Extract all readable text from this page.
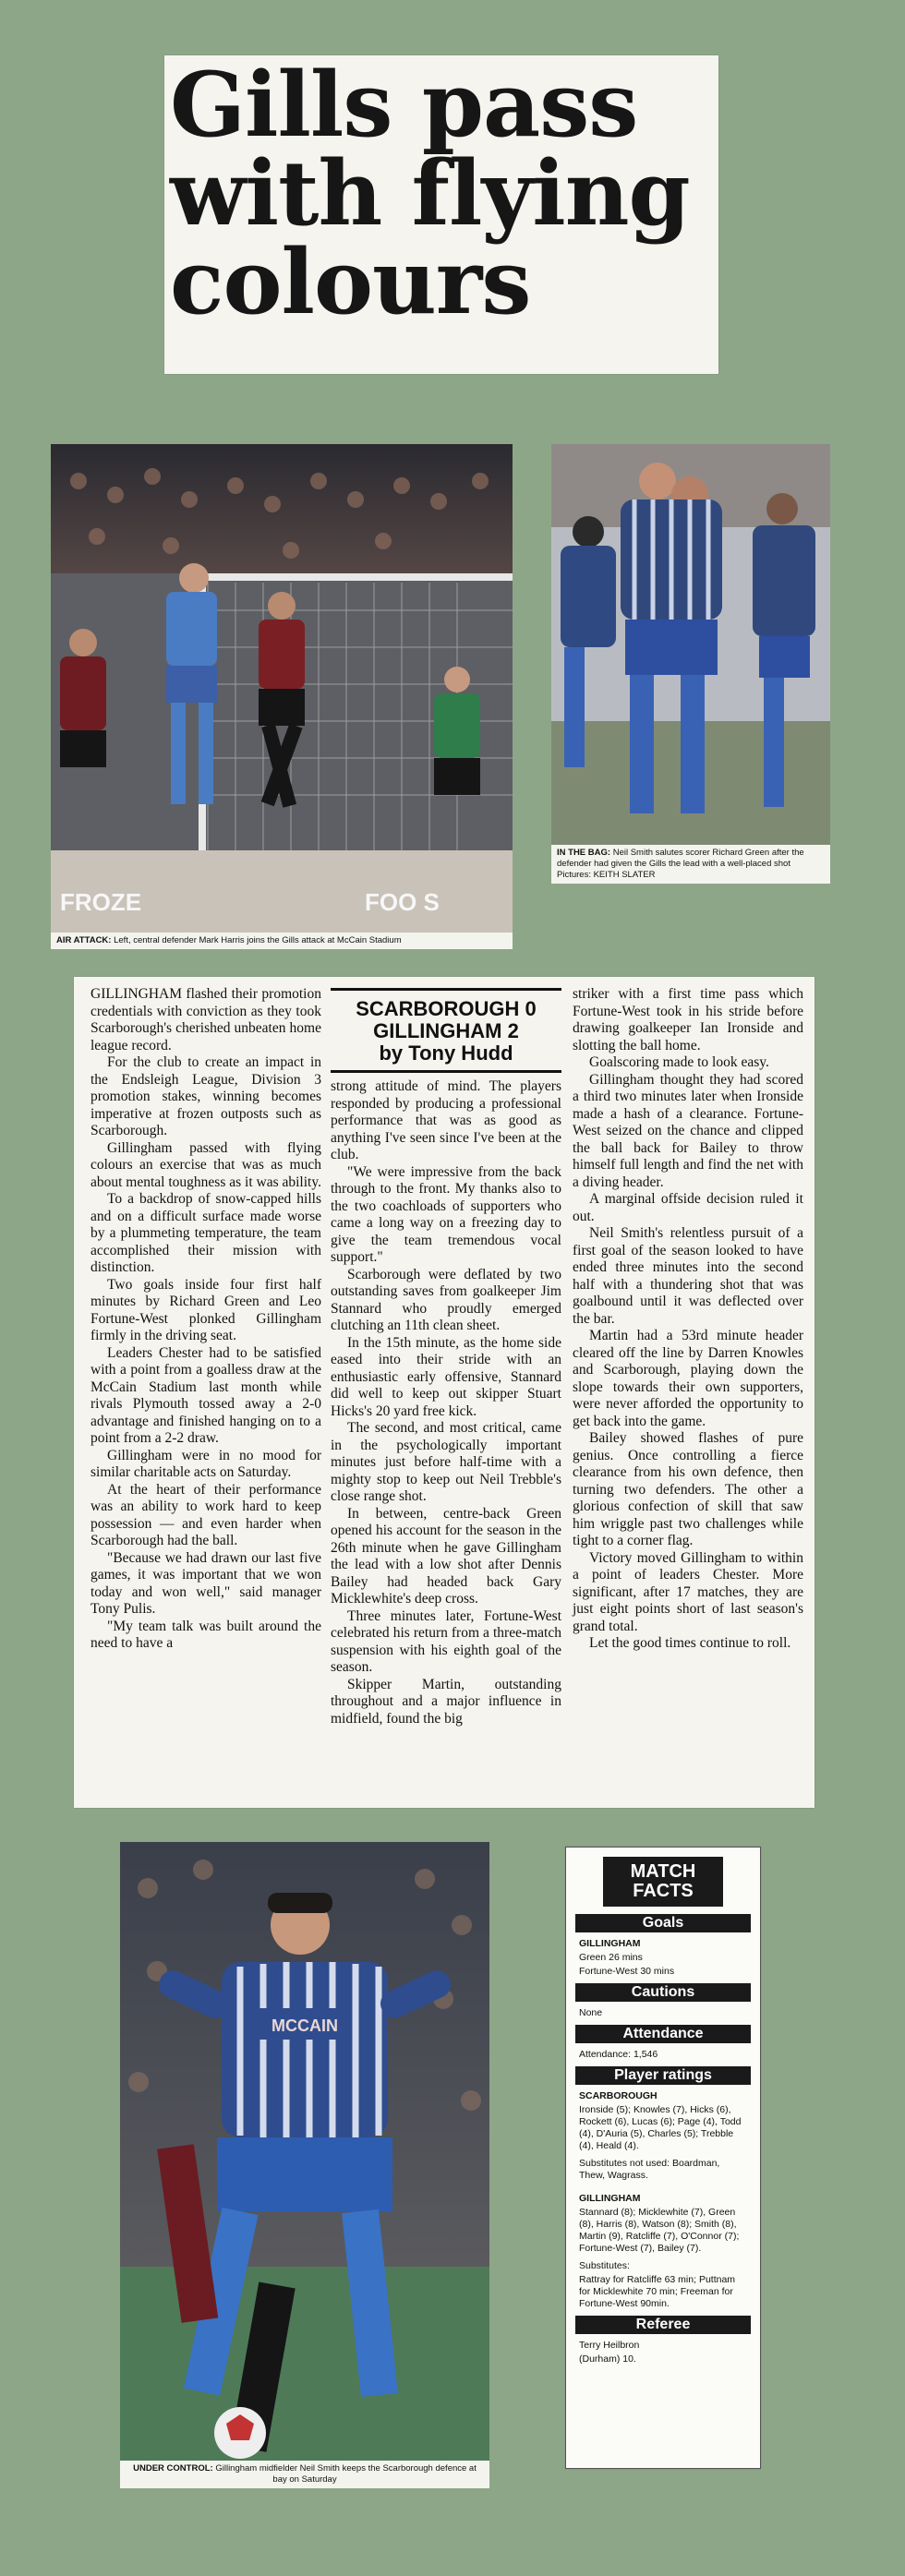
Gills pass
with flying
colours
FROZE	FOO S
AIR ATTACK: Left, central defender Mark Harris joins the Gills attack at McCain Stadium
IN THE BAG: Neil Smith salutes scorer Richard Green after the defender had given the Gills the lead with a well-placed shot Pictures: KEITH SLATER

GILLINGHAM flashed their promotion credentials with conviction as they took Scarborough's cherished unbeaten home league record.

For the club to create an impact in the Endsleigh League, Division 3 promotion stakes, winning becomes imperative at frozen outposts such as Scarborough.

Gillingham passed with flying colours an exercise that was as much about mental toughness as it was ability.

To a backdrop of snow-capped hills and on a difficult surface made worse by a plummeting temperature, the team accomplished their mission with distinction.

Two goals inside four first half minutes by Richard Green and Leo Fortune-West plonked Gillingham firmly in the driving seat.

Leaders Chester had to be satisfied with a point from a goalless draw at the McCain Stadium last month while rivals Plymouth tossed away a 2-0 advantage and finished hanging on to a point from a 2-2 draw.

Gillingham were in no mood for similar charitable acts on Saturday.

At the heart of their performance was an ability to work hard to keep possession — and even harder when Scarborough had the ball.

"Because we had drawn our last five games, it was important that we won today and won well," said manager Tony Pulis.

"My team talk was built around the need to have a

SCARBOROUGH 0
GILLINGHAM 2
by Tony Hudd

strong attitude of mind. The players responded by producing a professional performance that was as good as anything I've seen since I've been at the club.

"We were impressive from the back through to the front. My thanks also to the two coachloads of supporters who came a long way on a freezing day to give the team tremendous vocal support."

Scarborough were deflated by two outstanding saves from goalkeeper Jim Stannard who proudly emerged clutching an 11th clean sheet.

In the 15th minute, as the home side eased into their stride with an enthusiastic early offensive, Stannard did well to keep out skipper Stuart Hicks's 20 yard free kick.

The second, and most critical, came in the psychologically important minutes just before half-time with a mighty stop to keep out Neil Trebble's close range shot.

In between, centre-back Green opened his account for the season in the 26th minute when he gave Gillingham the lead with a low shot after Dennis Bailey had headed back Gary Micklewhite's deep cross.

Three minutes later, Fortune-West celebrated his return from a three-match suspension with his eighth goal of the season.

Skipper Martin, outstanding throughout and a major influence in midfield, found the big

striker with a first time pass which Fortune-West took in his stride before drawing goalkeeper Ian Ironside and slotting the ball home.

Goalscoring made to look easy.

Gillingham thought they had scored a third two minutes later when Ironside made a hash of a clearance. Fortune-West seized on the chance and clipped the ball back for Bailey to throw himself full length and find the net with a diving header.

A marginal offside decision ruled it out.

Neil Smith's relentless pursuit of a first goal of the season looked to have ended three minutes into the second half with a thundering shot that was goalbound until it was deflected over the bar.

Martin had a 53rd minute header cleared off the line by Darren Knowles and Scarborough, playing down the slope towards their own supporters, were never afforded the opportunity to get back into the game.

Bailey showed flashes of pure genius. Once controlling a fierce clearance from his own defence, then turning two defenders. The other a glorious confection of skill that saw him wriggle past two challenges while tight to a corner flag.

Victory moved Gillingham to within a point of leaders Chester. More significant, after 17 matches, they are just eight points short of last season's grand total.

Let the good times continue to roll.

MCCAIN
UNDER CONTROL: Gillingham midfielder Neil Smith keeps the Scarborough defence at bay on Saturday
MATCH
FACTS
Goals
GILLINGHAM
Green 26 mins
Fortune-West 30 mins
Cautions
None
Attendance
Attendance: 1,546
Player ratings
SCARBOROUGH
Ironside (5); Knowles (7), Hicks (6), Rockett (6), Lucas (6); Page (4), Todd (4), D'Auria (5), Charles (5); Trebble (4), Heald (4).
Substitutes not used: Boardman, Thew, Wagrass.
GILLINGHAM
Stannard (8); Micklewhite (7), Green (8), Harris (8), Watson (8); Smith (8), Martin (9), Ratcliffe (7), O'Connor (7); Fortune-West (7), Bailey (7).
Substitutes:
Rattray for Ratcliffe 63 min; Puttnam for Micklewhite 70 min; Freeman for Fortune-West 90min.
Referee
Terry Heilbron
(Durham) 10.
